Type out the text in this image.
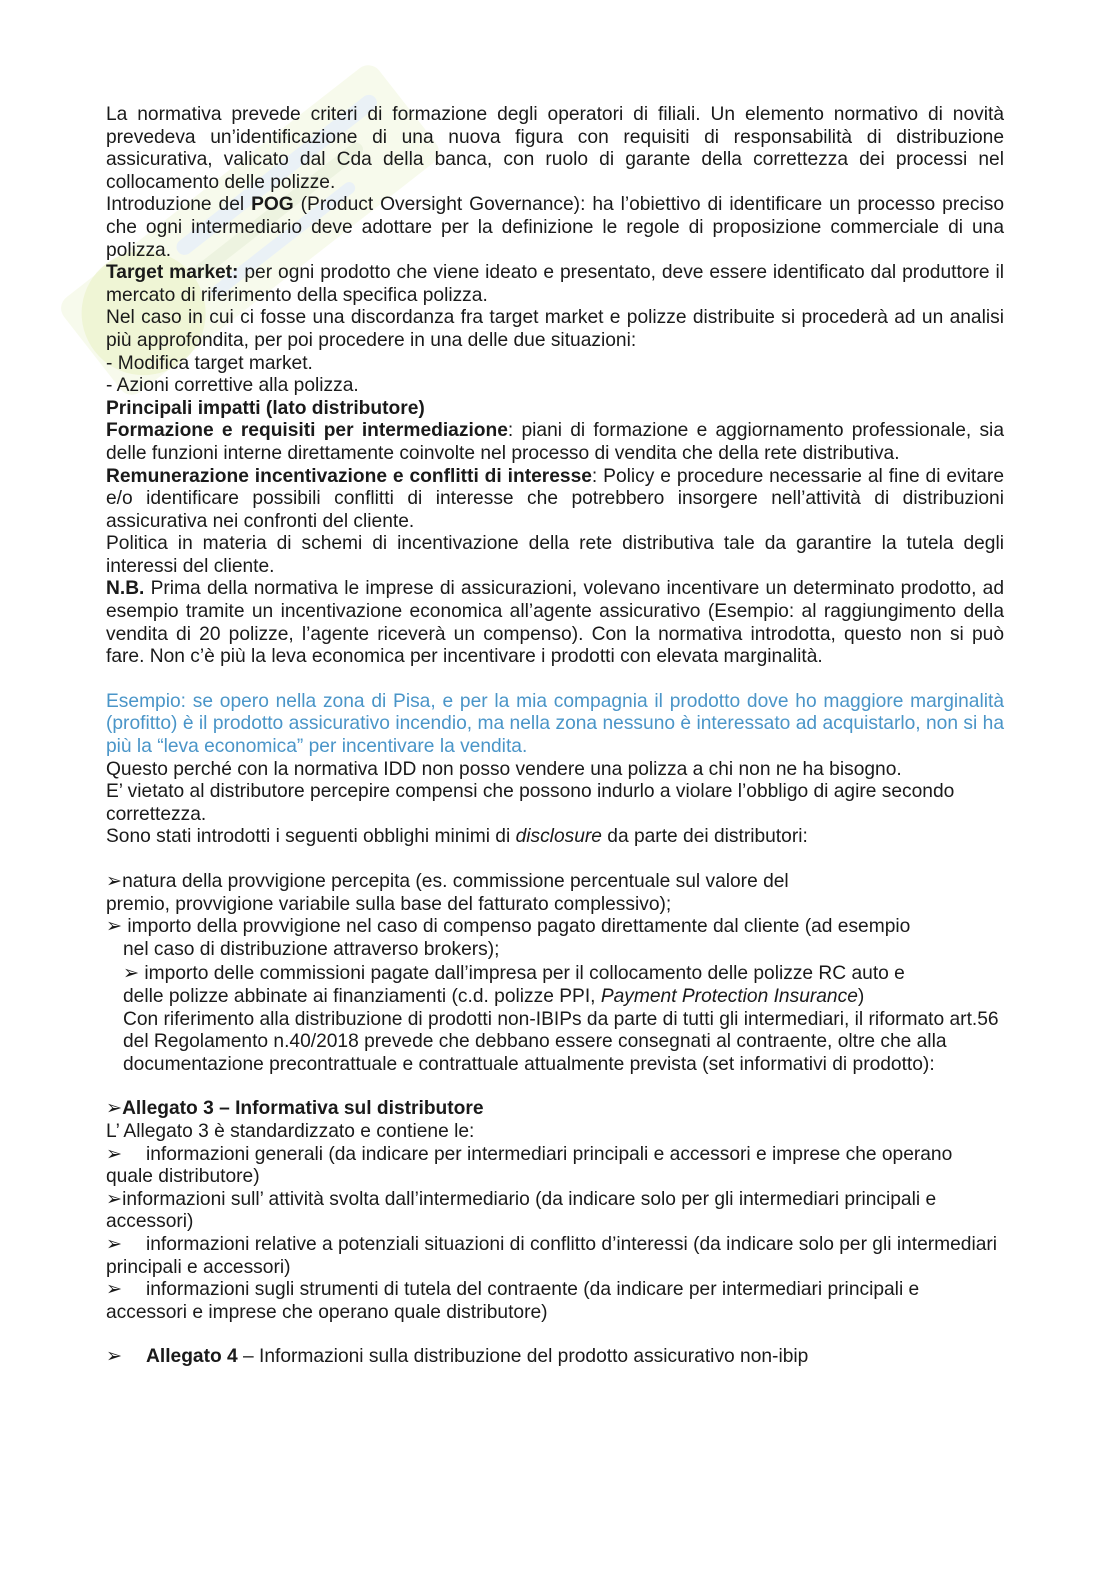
La normativa prevede criteri di formazione degli operatori di filiali. Un elemento normativo di novità prevedeva un’identificazione di una nuova figura con requisiti di responsabilità di distribuzione assicurativa, valicato dal Cda della banca, con ruolo di garante della correttezza dei processi nel collocamento delle polizze.

Introduzione del POG (Product Oversight Governance): ha l’obiettivo di identificare un processo preciso che ogni intermediario deve adottare per la definizione le regole di proposizione commerciale di una polizza.

Target market: per ogni prodotto che viene ideato e presentato, deve essere identificato dal produttore il mercato di riferimento della specifica polizza.

Nel caso in cui ci fosse una discordanza fra target market e polizze distribuite si procederà ad un analisi più approfondita, per poi procedere in una delle due situazioni:

- Modifica target market.

- Azioni correttive alla polizza.

Principali impatti (lato distributore)

Formazione e requisiti per intermediazione: piani di formazione e aggiornamento professionale, sia delle funzioni interne direttamente coinvolte nel processo di vendita che della rete distributiva.

Remunerazione incentivazione e conflitti di interesse: Policy e procedure necessarie al fine di evitare e/o identificare possibili conflitti di interesse che potrebbero insorgere nell’attività di distribuzioni assicurativa nei confronti del cliente.

Politica in materia di schemi di incentivazione della rete distributiva tale da garantire la tutela degli interessi del cliente.

N.B. Prima della normativa le imprese di assicurazioni, volevano incentivare un determinato prodotto, ad esempio tramite un incentivazione economica all’agente assicurativo (Esempio: al raggiungimento della vendita di 20 polizze, l’agente riceverà un compenso). Con la normativa introdotta, questo non si può fare. Non c’è più la leva economica per incentivare i prodotti con elevata marginalità.

Esempio: se opero nella zona di Pisa, e per la mia compagnia il prodotto dove ho maggiore marginalità (profitto) è il prodotto assicurativo incendio, ma nella zona nessuno è interessato ad acquistarlo, non si ha più la “leva economica” per incentivare la vendita.

Questo perché con la normativa IDD non posso vendere una polizza a chi non ne ha bisogno.

E’ vietato al distributore percepire compensi che possono indurlo a violare l’obbligo di agire secondo correttezza.

Sono stati introdotti i seguenti obblighi minimi di disclosure da parte dei distributori:

➢natura della provvigione percepita (es. commissione percentuale sul valore del

premio, provvigione variabile sulla base del fatturato complessivo);

➢ importo della provvigione nel caso di compenso pagato direttamente dal cliente (ad esempio

nel caso di distribuzione attraverso brokers);

➢ importo delle commissioni pagate dall’impresa per il collocamento delle polizze RC auto e

delle polizze abbinate ai finanziamenti (c.d. polizze PPI, Payment Protection Insurance)

Con riferimento alla distribuzione di prodotti non-IBIPs da parte di tutti gli intermediari, il riformato art.56 del Regolamento n.40/2018 prevede che debbano essere consegnati al contraente, oltre che alla documentazione precontrattuale e contrattuale attualmente prevista (set informativi di prodotto):

➢Allegato 3 – Informativa sul distributore

L’ Allegato 3 è standardizzato e contiene le:

➢ informazioni generali (da indicare per intermediari principali e accessori e imprese che operano quale distributore)

➢informazioni sull’ attività svolta dall’intermediario (da indicare solo per gli intermediari principali e accessori)

➢ informazioni relative a potenziali situazioni di conflitto d’interessi (da indicare solo per gli intermediari principali e accessori)

➢ informazioni sugli strumenti di tutela del contraente (da indicare per intermediari principali e accessori e imprese che operano quale distributore)

➢ Allegato 4 – Informazioni sulla distribuzione del prodotto assicurativo non-ibip
